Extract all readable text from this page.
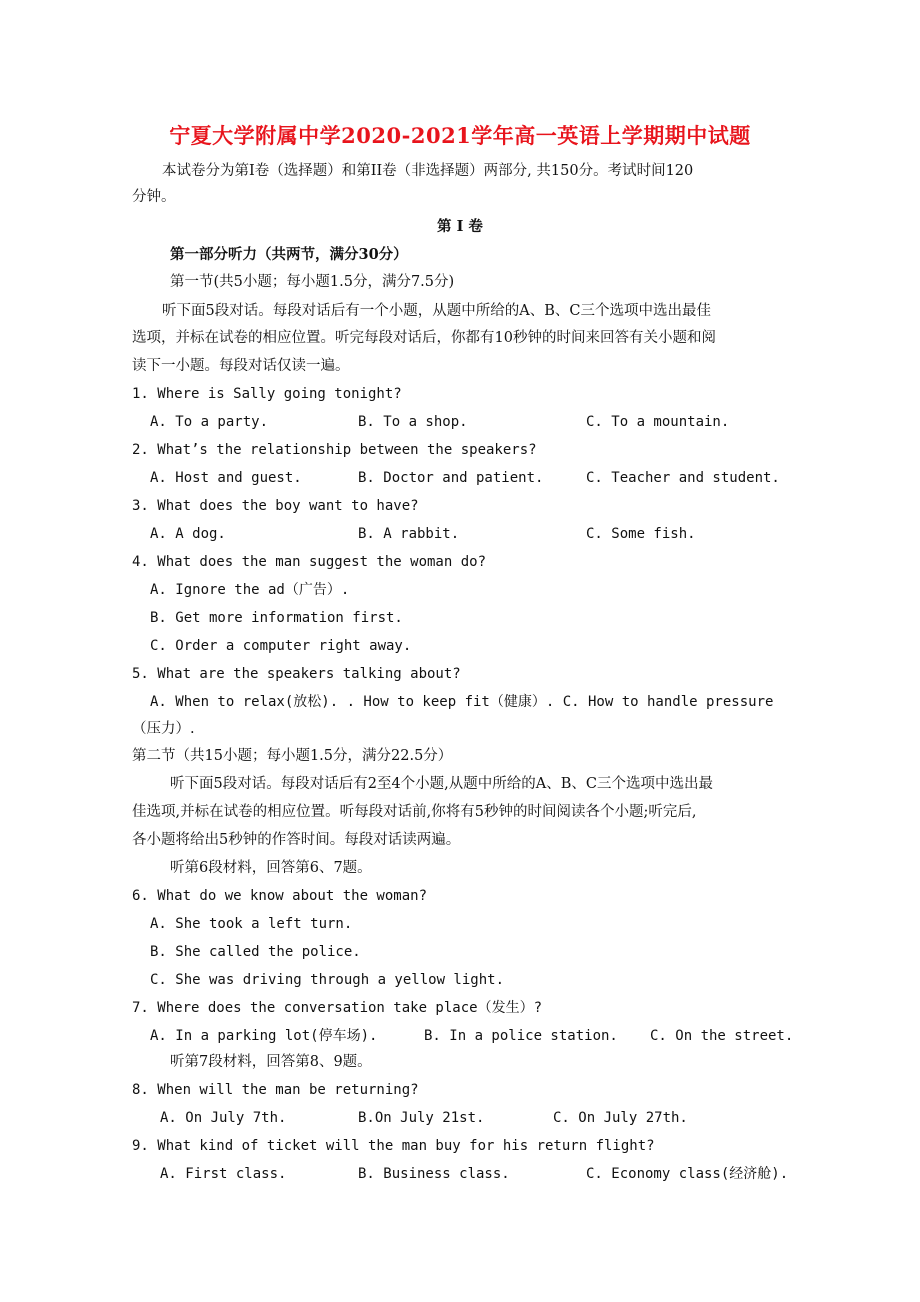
宁夏大学附属中学2020-2021学年高一英语上学期期中试题
本试卷分为第I卷（选择题）和第II卷（非选择题）两部分, 共150分。考试时间120
分钟。
第 I 卷
第一部分听力（共两节，满分30分）
第一节(共5小题；每小题1.5分，满分7.5分)
听下面5段对话。每段对话后有一个小题，从题中所给的A、B、C三个选项中选出最佳
选项，并标在试卷的相应位置。听完每段对话后，你都有10秒钟的时间来回答有关小题和阅
读下一小题。每段对话仅读一遍。
1. Where is Sally going tonight?
A. To a party.	B. To a shop.	C. To a mountain.
2. What’s the relationship between the speakers?
A. Host and guest.	B. Doctor and patient.	C. Teacher and student.
3. What does the boy want to have?
A. A dog.	B. A rabbit.	C. Some fish.
4. What does the man suggest the woman do?
A. Ignore the ad（广告）.
B. Get more information first.
C. Order a computer right away.
5. What are the speakers talking about?
A. When to relax(放松). . How to keep fit（健康）. C. How to handle pressure
（压力）.
第二节（共15小题；每小题1.5分，满分22.5分）
听下面5段对话。每段对话后有2至4个小题,从题中所给的A、B、C三个选项中选出最
佳选项,并标在试卷的相应位置。听每段对话前,你将有5秒钟的时间阅读各个小题;听完后,
各小题将给出5秒钟的作答时间。每段对话读两遍。
听第6段材料，回答第6、7题。
6. What do we know about the woman?
A. She took a left turn.
B. She called the police.
C. She was driving through a yellow light.
7. Where does the conversation take place（发生）?
A. In a parking lot(停车场).	B. In a police station. C. On the street.
听第7段材料，回答第8、9题。
8. When will the man be returning?
A. On July 7th.	B.On July 21st.	C. On July 27th.
9. What kind of ticket will the man buy for his return flight?
A. First class.	B. Business class.	C. Economy class(经济舱).
